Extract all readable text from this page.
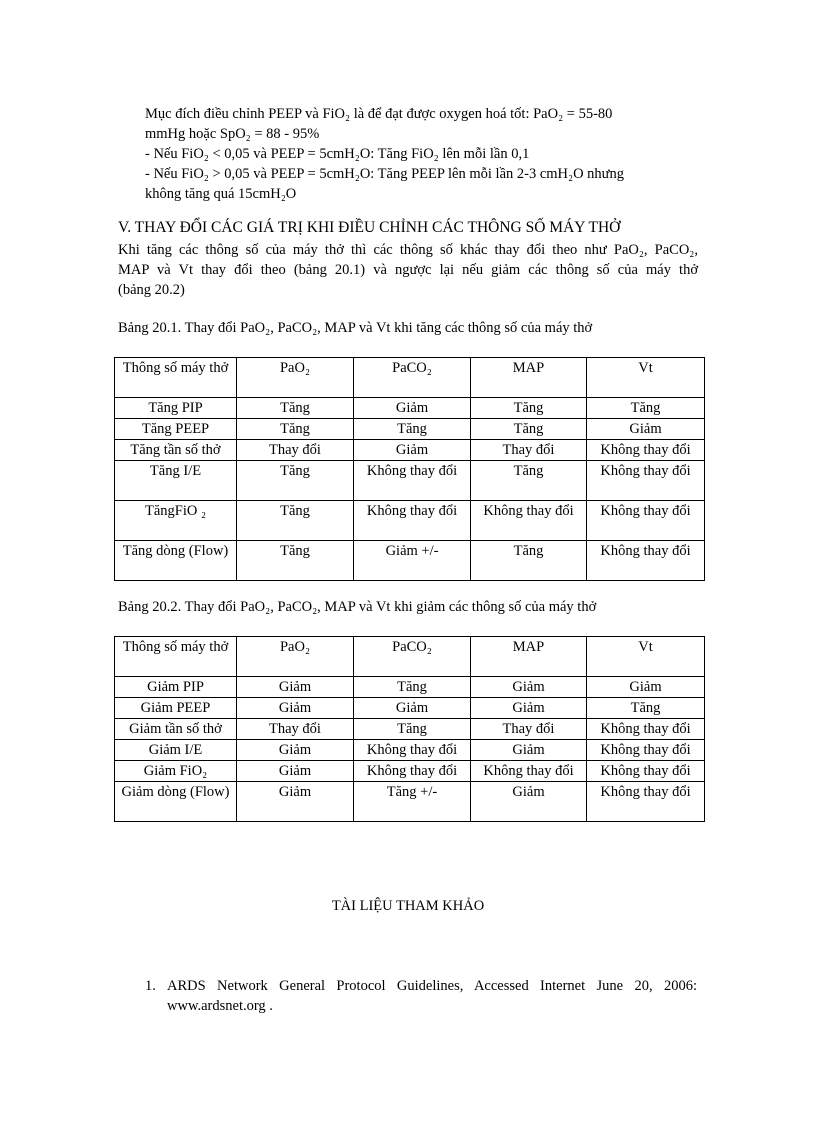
Mục đích điều chỉnh PEEP và FiO₂ là để đạt được oxygen hoá tốt: PaO₂ = 55-80
mmHg hoặc SpO₂ = 88 - 95%
- Nếu FiO₂ < 0,05 và PEEP = 5cmH₂O: Tăng FiO₂ lên mỗi lần 0,1
- Nếu FiO₂ > 0,05 và PEEP = 5cmH₂O: Tăng PEEP lên mỗi lần 2-3 cmH₂O nhưng
không tăng quá 15cmH₂O
V. THAY ĐỔI CÁC GIÁ TRỊ KHI ĐIỀU CHỈNH CÁC THÔNG SỐ MÁY THỞ
Khi tăng các thông số của máy thở thì các thông số khác thay đổi theo như PaO₂, PaCO₂,
MAP và Vt thay đổi theo (bảng 20.1) và ngược lại nếu giảm các thông số của máy thở
(bảng 20.2)
Bảng 20.1. Thay đổi PaO₂, PaCO₂, MAP và Vt khi tăng các thông số của máy thở
Thông số máy thở	PaO₂	PaCO₂	MAP	Vt
Tăng PIP	Tăng	Giảm	Tăng	Tăng
Tăng PEEP	Tăng	Tăng	Tăng	Giảm
Tăng tần số thở	Thay đổi	Giảm	Thay đổi	Không thay đổi
Tăng I/E	Tăng	Không thay đổi	Tăng	Không thay đổi
TăngFiO ₂	Tăng	Không thay đổi	Không thay đổi	Không thay đổi
Tăng dòng (Flow)	Tăng	Giảm +/-	Tăng	Không thay đổi
Bảng 20.2. Thay đổi PaO₂, PaCO₂, MAP và Vt khi giảm các thông số của máy thở
Thông số máy thở	PaO₂	PaCO₂	MAP	Vt
Giảm PIP	Giảm	Tăng	Giảm	Giảm
Giảm PEEP	Giảm	Giảm	Giảm	Tăng
Giảm tần số thở	Thay đổi	Tăng	Thay đổi	Không thay đổi
Giảm I/E	Giảm	Không thay đổi	Giảm	Không thay đổi
Giảm FiO₂	Giảm	Không thay đổi	Không thay đổi	Không thay đổi
Giảm dòng (Flow)	Giảm	Tăng +/-	Giảm	Không thay đổi
TÀI LIỆU THAM KHẢO
1. ARDS Network General Protocol Guidelines, Accessed Internet June 20, 2006:
www.ardsnet.org .
